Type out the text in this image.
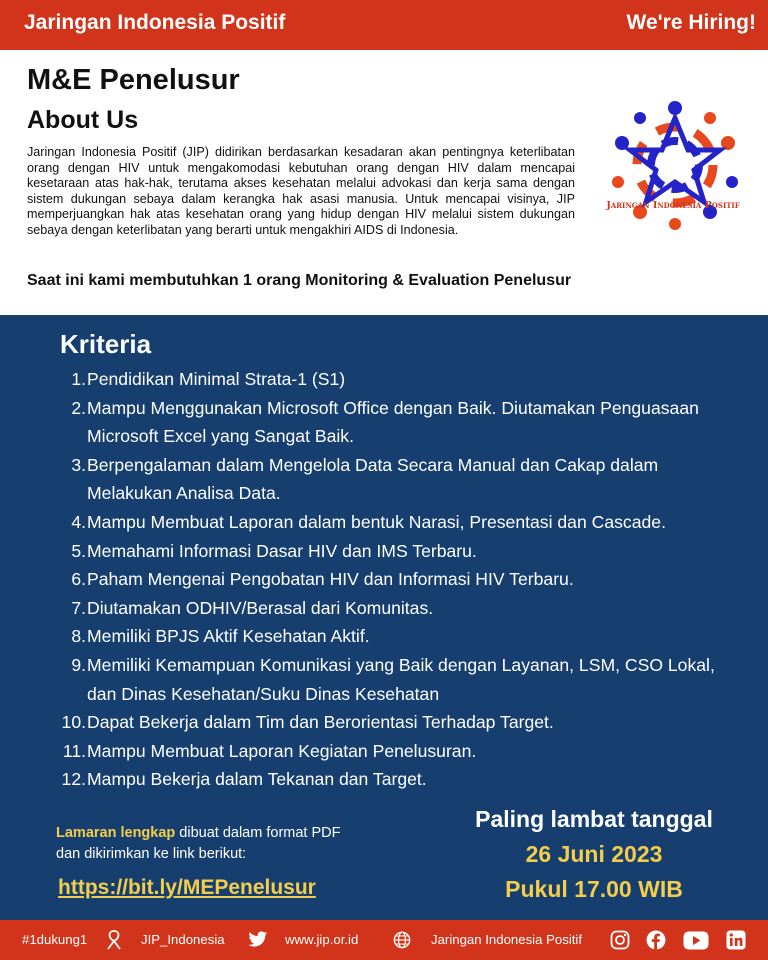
Jaringan Indonesia Positif	We're Hiring!
M&E Penelusur
About Us
Jaringan Indonesia Positif (JIP) didirikan berdasarkan kesadaran akan pentingnya keterlibatan orang dengan HIV untuk mengakomodasi kebutuhan orang dengan HIV dalam mencapai kesetaraan atas hak-hak, terutama akses kesehatan melalui advokasi dan kerja sama dengan sistem dukungan sebaya dalam kerangka hak asasi manusia. Untuk mencapai visinya, JIP memperjuangkan hak atas kesehatan orang yang hidup dengan HIV melalui sistem dukungan sebaya dengan keterlibatan yang berarti untuk mengakhiri AIDS di Indonesia.
Saat ini kami membutuhkan 1 orang Monitoring & Evaluation Penelusur
Jaringan Indonesia Positif
Kriteria
1. Pendidikan Minimal Strata-1 (S1)
2. Mampu Menggunakan Microsoft Office dengan Baik. Diutamakan Penguasaan Microsoft Excel yang Sangat Baik.
3. Berpengalaman dalam Mengelola Data Secara Manual dan Cakap dalam Melakukan Analisa Data.
4. Mampu Membuat Laporan dalam bentuk Narasi, Presentasi dan Cascade.
5. Memahami Informasi Dasar HIV dan IMS Terbaru.
6. Paham Mengenai Pengobatan HIV dan Informasi HIV Terbaru.
7. Diutamakan ODHIV/Berasal dari Komunitas.
8. Memiliki BPJS Aktif Kesehatan Aktif.
9. Memiliki Kemampuan Komunikasi yang Baik dengan Layanan, LSM, CSO Lokal, dan Dinas Kesehatan/Suku Dinas Kesehatan
10. Dapat Bekerja dalam Tim dan Berorientasi Terhadap Target.
11. Mampu Membuat Laporan Kegiatan Penelusuran.
12. Mampu Bekerja dalam Tekanan dan Target.
Lamaran lengkap dibuat dalam format PDF
dan dikirimkan ke link berikut:
https://bit.ly/MEPenelusur
Paling lambat tanggal
26 Juni 2023
Pukul 17.00 WIB
#1dukung1	JIP_Indonesia	www.jip.or.id	Jaringan Indonesia Positif
